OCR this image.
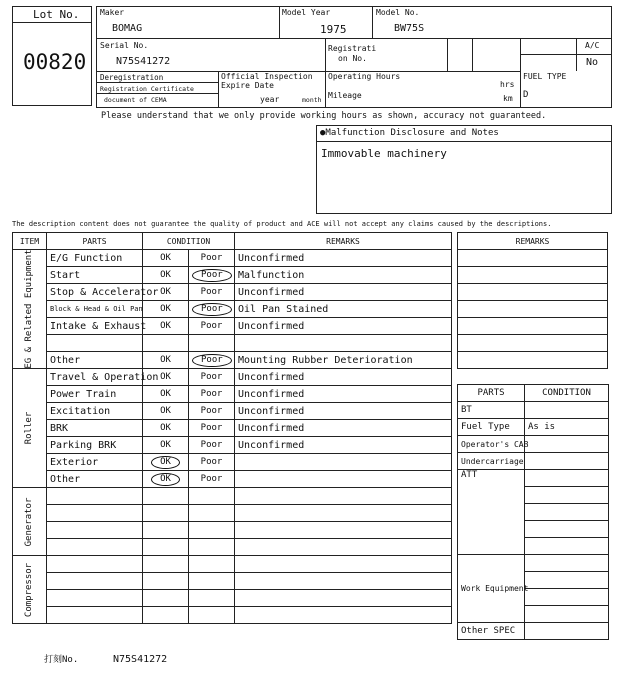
Lot No.
00820
Maker
BOMAG
Model Year
1975
Model No.
BW75S
Serial No.
N75S41272
Registrati
on No.
A/C
No
Deregistration
Registration Certificate
document of CEMA
Official Inspection
Expire Date
year	month
Operating Hours
hrs
Mileage	km
FUEL TYPE
D
Please understand that we only provide working hours as shown, accuracy not guaranteed.
●Malfunction Disclosure and Notes
Immovable machinery
The description content does not guarantee the quality of product and ACE will not accept any claims caused by the descriptions.
ITEM	PARTS	CONDITION		REMARKS

EG & Related Equipment	E/G Function	OK	Poor	Unconfirmed
	Start	OK	Poor	Malfunction
	Stop & Accelerator	OK	Poor	Unconfirmed
	Block & Head & Oil Pan	OK	Poor	Oil Pan Stained
	Intake & Exhaust	OK	Poor	Unconfirmed

	Other	OK	Poor	Mounting Rubber Deterioration

Roller	Travel & Operation	OK	Poor	Unconfirmed
	Power Train	OK	Poor	Unconfirmed
	Excitation	OK	Poor	Unconfirmed
	BRK	OK	Poor	Unconfirmed
	Parking BRK	OK	Poor	Unconfirmed
	Exterior	OK	Poor	
	Other	OK	Poor	

Generator				

Compressor				

REMARKS

PARTS	CONDITION
BT	
Fuel Type	As is
Operator's CAB	
Undercarriage	
ATT	

Work Equipment	

Other SPEC	
打刻No.	N75S41272
